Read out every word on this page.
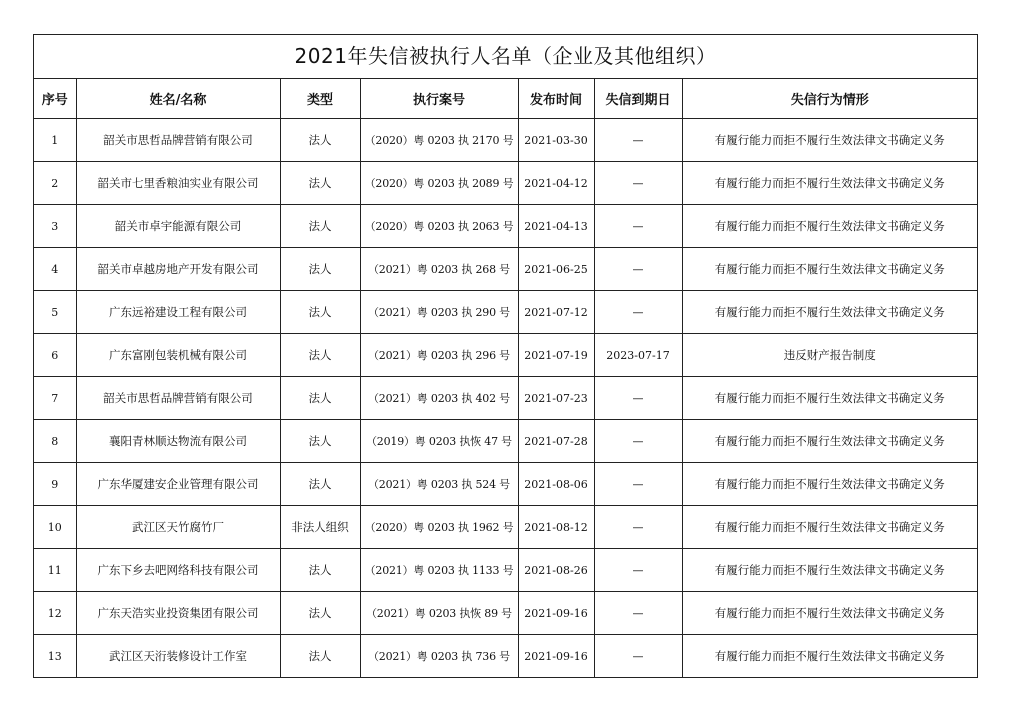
2021年失信被执行人名单（企业及其他组织）
序号	姓名/名称	类型	执行案号	发布时间	失信到期日	失信行为情形
1	韶关市思哲品牌营销有限公司	法人	（2020）粤 0203 执 2170 号	2021-03-30	—	有履行能力而拒不履行生效法律文书确定义务
2	韶关市七里香粮油实业有限公司	法人	（2020）粤 0203 执 2089 号	2021-04-12	—	有履行能力而拒不履行生效法律文书确定义务
3	韶关市卓宇能源有限公司	法人	（2020）粤 0203 执 2063 号	2021-04-13	—	有履行能力而拒不履行生效法律文书确定义务
4	韶关市卓越房地产开发有限公司	法人	（2021）粤 0203 执 268 号	2021-06-25	—	有履行能力而拒不履行生效法律文书确定义务
5	广东远裕建设工程有限公司	法人	（2021）粤 0203 执 290 号	2021-07-12	—	有履行能力而拒不履行生效法律文书确定义务
6	广东富刚包装机械有限公司	法人	（2021）粤 0203 执 296 号	2021-07-19	2023-07-17	违反财产报告制度
7	韶关市思哲品牌营销有限公司	法人	（2021）粤 0203 执 402 号	2021-07-23	—	有履行能力而拒不履行生效法律文书确定义务
8	襄阳青林顺达物流有限公司	法人	（2019）粤 0203 执恢 47 号	2021-07-28	—	有履行能力而拒不履行生效法律文书确定义务
9	广东华厦建安企业管理有限公司	法人	（2021）粤 0203 执 524 号	2021-08-06	—	有履行能力而拒不履行生效法律文书确定义务
10	武江区天竹腐竹厂	非法人组织	（2020）粤 0203 执 1962 号	2021-08-12	—	有履行能力而拒不履行生效法律文书确定义务
11	广东下乡去吧网络科技有限公司	法人	（2021）粤 0203 执 1133 号	2021-08-26	—	有履行能力而拒不履行生效法律文书确定义务
12	广东天浩实业投资集团有限公司	法人	（2021）粤 0203 执恢 89 号	2021-09-16	—	有履行能力而拒不履行生效法律文书确定义务
13	武江区天洐装修设计工作室	法人	（2021）粤 0203 执 736 号	2021-09-16	—	有履行能力而拒不履行生效法律文书确定义务
